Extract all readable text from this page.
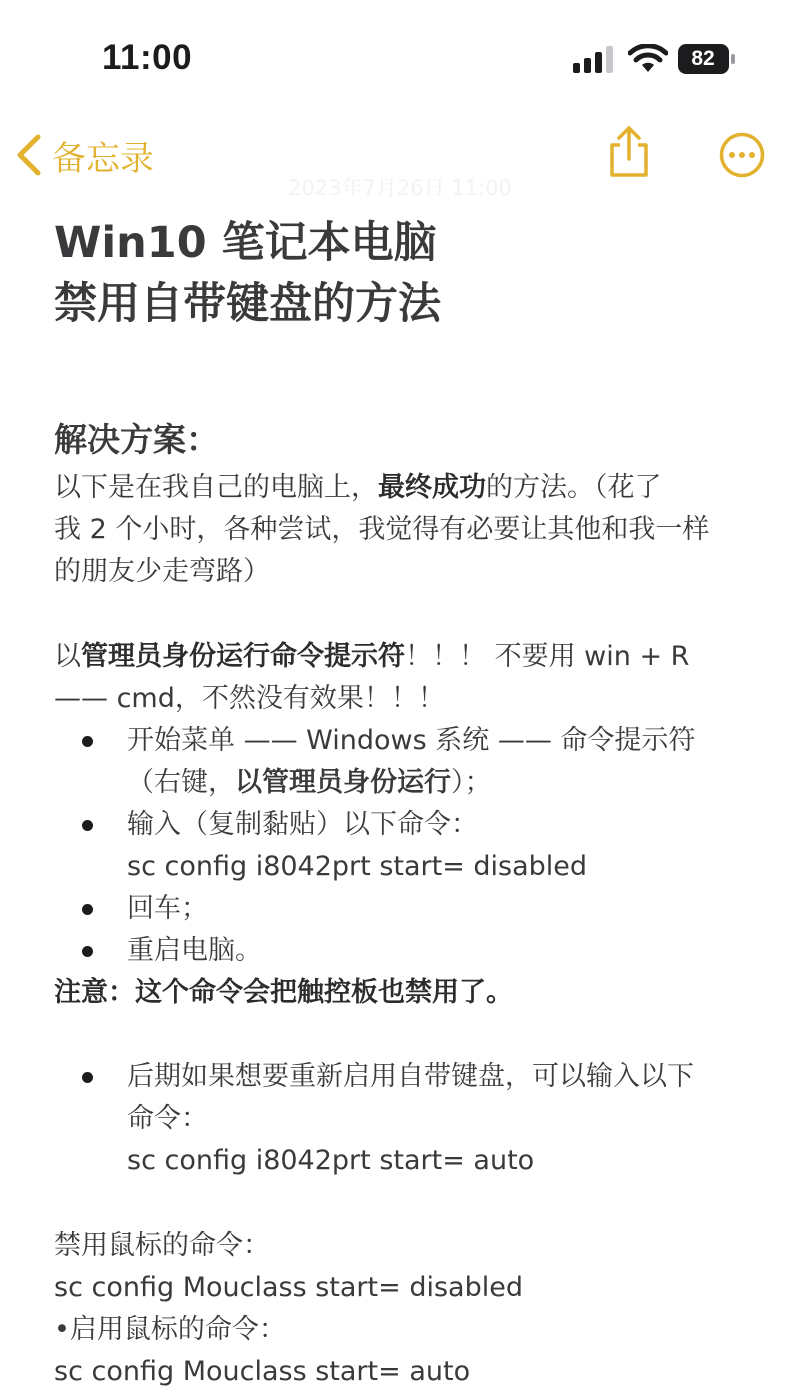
11:00	82
备忘录
2023年7月26日 11:00
Win10 笔记本电脑
禁用自带键盘的方法
解决方案：
以下是在我自己的电脑上，最终成功的方法。（花了
我 2 个小时，各种尝试，我觉得有必要让其他和我一样
的朋友少走弯路）
以管理员身份运行命令提示符！！！ 不要用 win + R
—— cmd，不然没有效果！！！
开始菜单 —— Windows 系统 —— 命令提示符
（右键，以管理员身份运行）；
输入（复制黏贴）以下命令：
sc config i8042prt start= disabled
回车；
重启电脑。
注意：这个命令会把触控板也禁用了。
后期如果想要重新启用自带键盘，可以输入以下
命令：
sc config i8042prt start= auto
禁用鼠标的命令：
sc config Mouclass start= disabled
•启用鼠标的命令：
sc config Mouclass start= auto
